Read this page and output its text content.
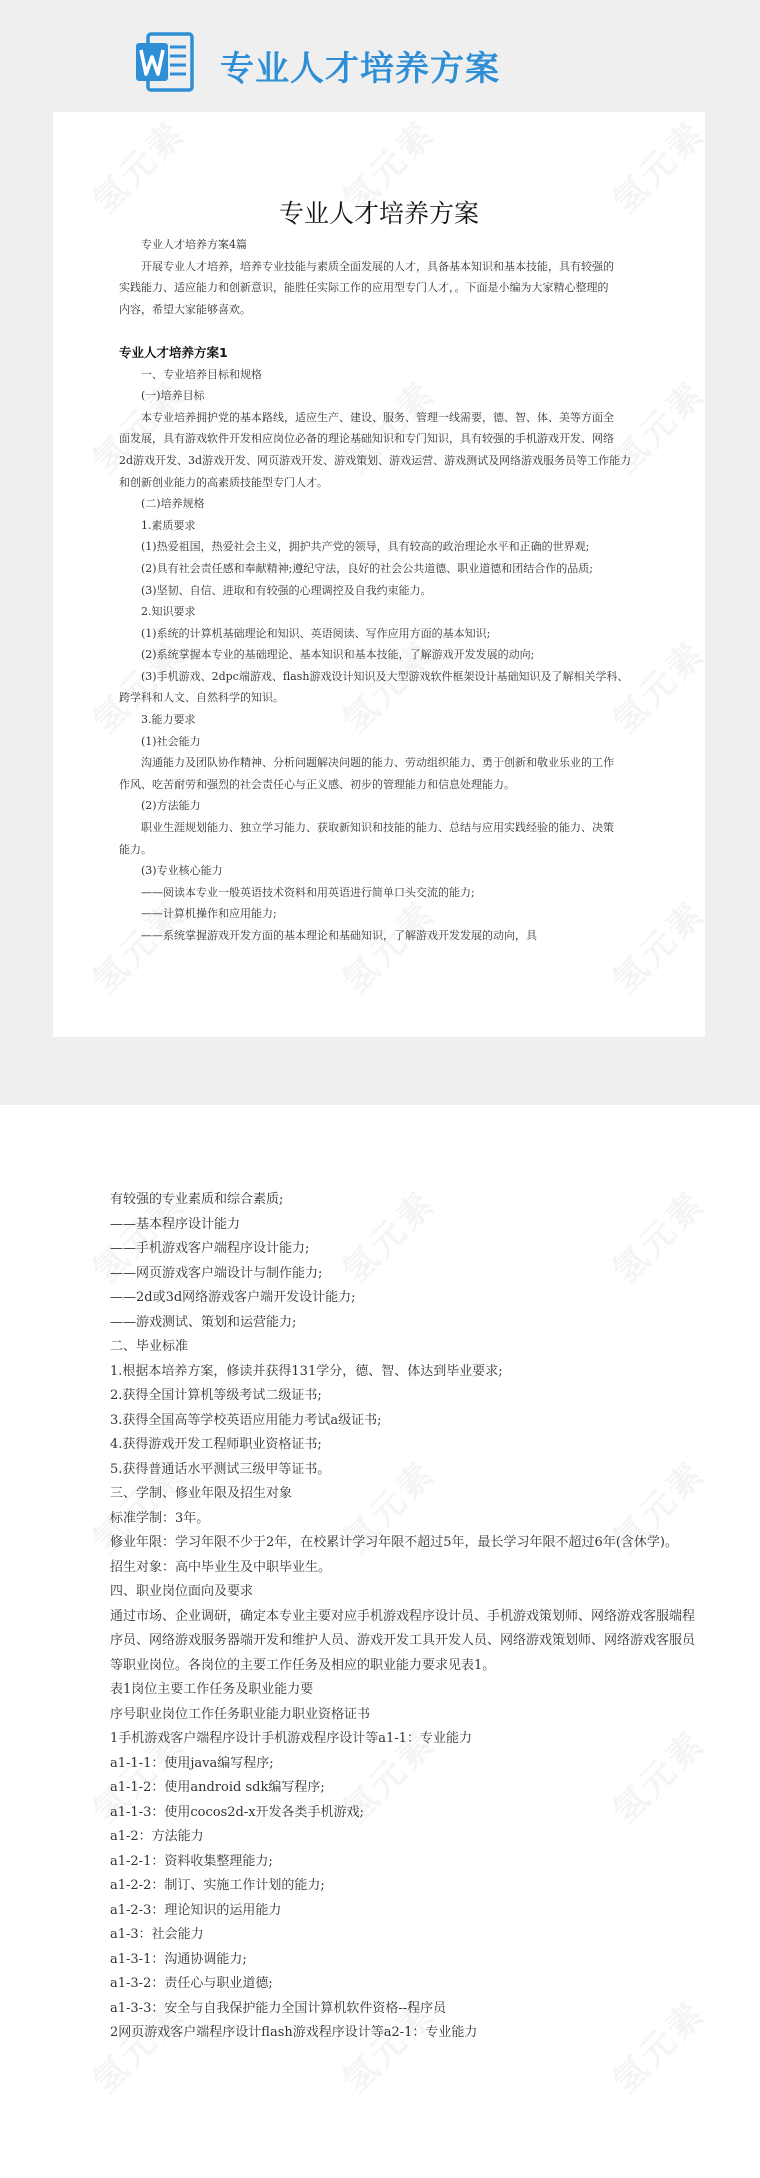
专业人才培养方案
专业人才培养方案
专业人才培养方案4篇
开展专业人才培养，培养专业技能与素质全面发展的人才，具备基本知识和基本技能，具有较强的
实践能力、适应能力和创新意识，能胜任实际工作的应用型专门人才，。下面是小编为大家精心整理的
内容，希望大家能够喜欢。
专业人才培养方案1
一、专业培养目标和规格
(一)培养目标
本专业培养拥护党的基本路线，适应生产、建设、服务、管理一线需要，德、智、体、美等方面全
面发展，具有游戏软件开发相应岗位必备的理论基础知识和专门知识，具有较强的手机游戏开发、网络
2d游戏开发、3d游戏开发、网页游戏开发、游戏策划、游戏运营、游戏测试及网络游戏服务员等工作能力
和创新创业能力的高素质技能型专门人才。
(二)培养规格
1.素质要求
(1)热爱祖国，热爱社会主义，拥护共产党的领导，具有较高的政治理论水平和正确的世界观;
(2)具有社会责任感和奉献精神;遵纪守法，良好的社会公共道德、职业道德和团结合作的品质;
(3)坚韧、自信、进取和有较强的心理调控及自我约束能力。
2.知识要求
(1)系统的计算机基础理论和知识、英语阅读、写作应用方面的基本知识;
(2)系统掌握本专业的基础理论、基本知识和基本技能，了解游戏开发发展的动向;
(3)手机游戏、2dpc端游戏、flash游戏设计知识及大型游戏软件框架设计基础知识及了解相关学科、
跨学科和人文、自然科学的知识。
3.能力要求
(1)社会能力
沟通能力及团队协作精神、分析问题解决问题的能力、劳动组织能力、勇于创新和敬业乐业的工作
作风、吃苦耐劳和强烈的社会责任心与正义感、初步的管理能力和信息处理能力。
(2)方法能力
职业生涯规划能力、独立学习能力、获取新知识和技能的能力、总结与应用实践经验的能力、决策
能力。
(3)专业核心能力
——阅读本专业一般英语技术资料和用英语进行简单口头交流的能力;
——计算机操作和应用能力;
——系统掌握游戏开发方面的基本理论和基础知识，了解游戏开发发展的动向，具
有较强的专业素质和综合素质;
——基本程序设计能力
——手机游戏客户端程序设计能力;
——网页游戏客户端设计与制作能力;
——2d或3d网络游戏客户端开发设计能力;
——游戏测试、策划和运营能力;
二、毕业标准
1.根据本培养方案，修读并获得131学分，德、智、体达到毕业要求;
2.获得全国计算机等级考试二级证书;
3.获得全国高等学校英语应用能力考试a级证书;
4.获得游戏开发工程师职业资格证书;
5.获得普通话水平测试三级甲等证书。
三、学制、修业年限及招生对象
标准学制：3年。
修业年限：学习年限不少于2年，在校累计学习年限不超过5年，最长学习年限不超过6年(含休学)。
招生对象：高中毕业生及中职毕业生。
四、职业岗位面向及要求
通过市场、企业调研，确定本专业主要对应手机游戏程序设计员、手机游戏策划师、网络游戏客服端程序员、网络游戏服务器端开发和维护人员、游戏开发工具开发人员、网络游戏策划师、网络游戏客服员等职业岗位。各岗位的主要工作任务及相应的职业能力要求见表1。
表1岗位主要工作任务及职业能力要
序号职业岗位工作任务职业能力职业资格证书
1手机游戏客户端程序设计手机游戏程序设计等a1-1：专业能力
a1-1-1：使用java编写程序;
a1-1-2：使用android sdk编写程序;
a1-1-3：使用cocos2d-x开发各类手机游戏;
a1-2：方法能力
a1-2-1：资料收集整理能力;
a1-2-2：制订、实施工作计划的能力;
a1-2-3：理论知识的运用能力
a1-3：社会能力
a1-3-1：沟通协调能力;
a1-3-2：责任心与职业道德;
a1-3-3：安全与自我保护能力全国计算机软件资格--程序员
2网页游戏客户端程序设计flash游戏程序设计等a2-1：专业能力
